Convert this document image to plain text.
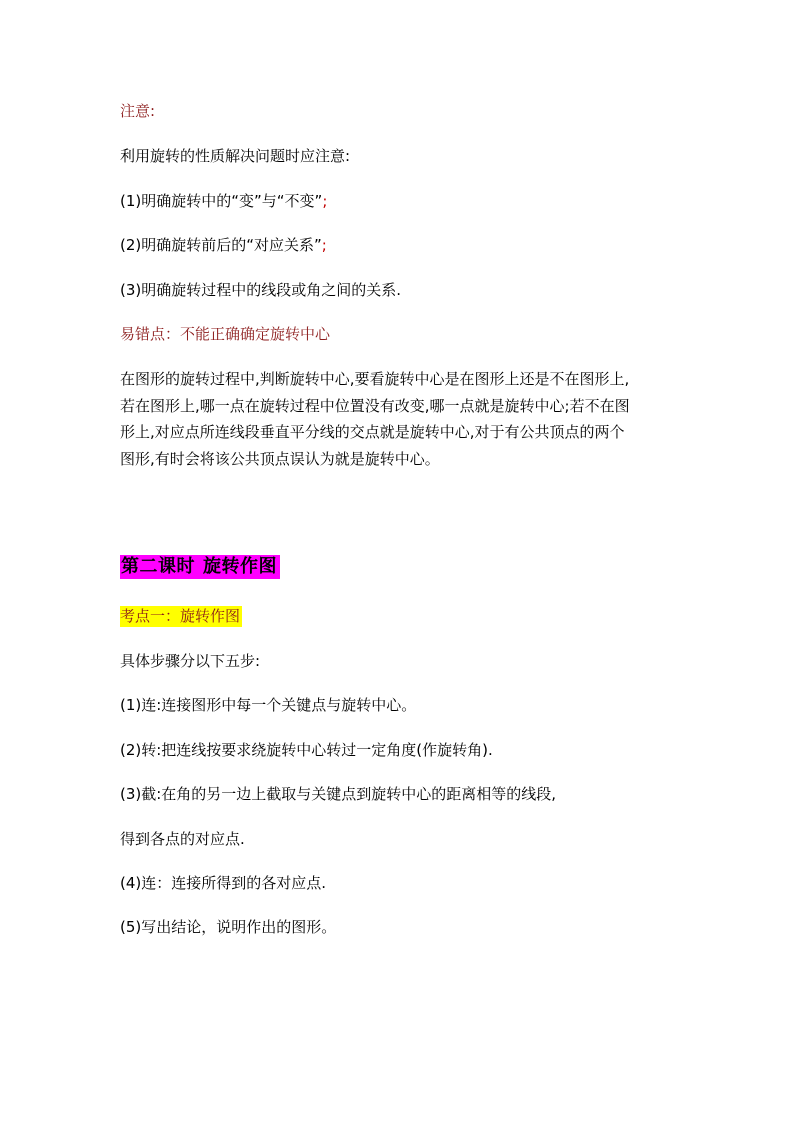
注意:
利用旋转的性质解决问题时应注意:
(1)明确旋转中的“变”与“不变”;
(2)明确旋转前后的“对应关系”;
(3)明确旋转过程中的线段或角之间的关系.
易错点：不能正确确定旋转中心
在图形的旋转过程中,判断旋转中心,要看旋转中心是在图形上还是不在图形上,
若在图形上,哪一点在旋转过程中位置没有改变,哪一点就是旋转中心;若不在图
形上,对应点所连线段垂直平分线的交点就是旋转中心,对于有公共顶点的两个
图形,有时会将该公共顶点误认为就是旋转中心。
第二课时 旋转作图
考点一：旋转作图
具体步骤分以下五步:
(1)连:连接图形中每一个关键点与旋转中心。
(2)转:把连线按要求绕旋转中心转过一定角度(作旋转角).
(3)截:在角的另一边上截取与关键点到旋转中心的距离相等的线段,
得到各点的对应点.
(4)连：连接所得到的各对应点.
(5)写出结论，说明作出的图形。
